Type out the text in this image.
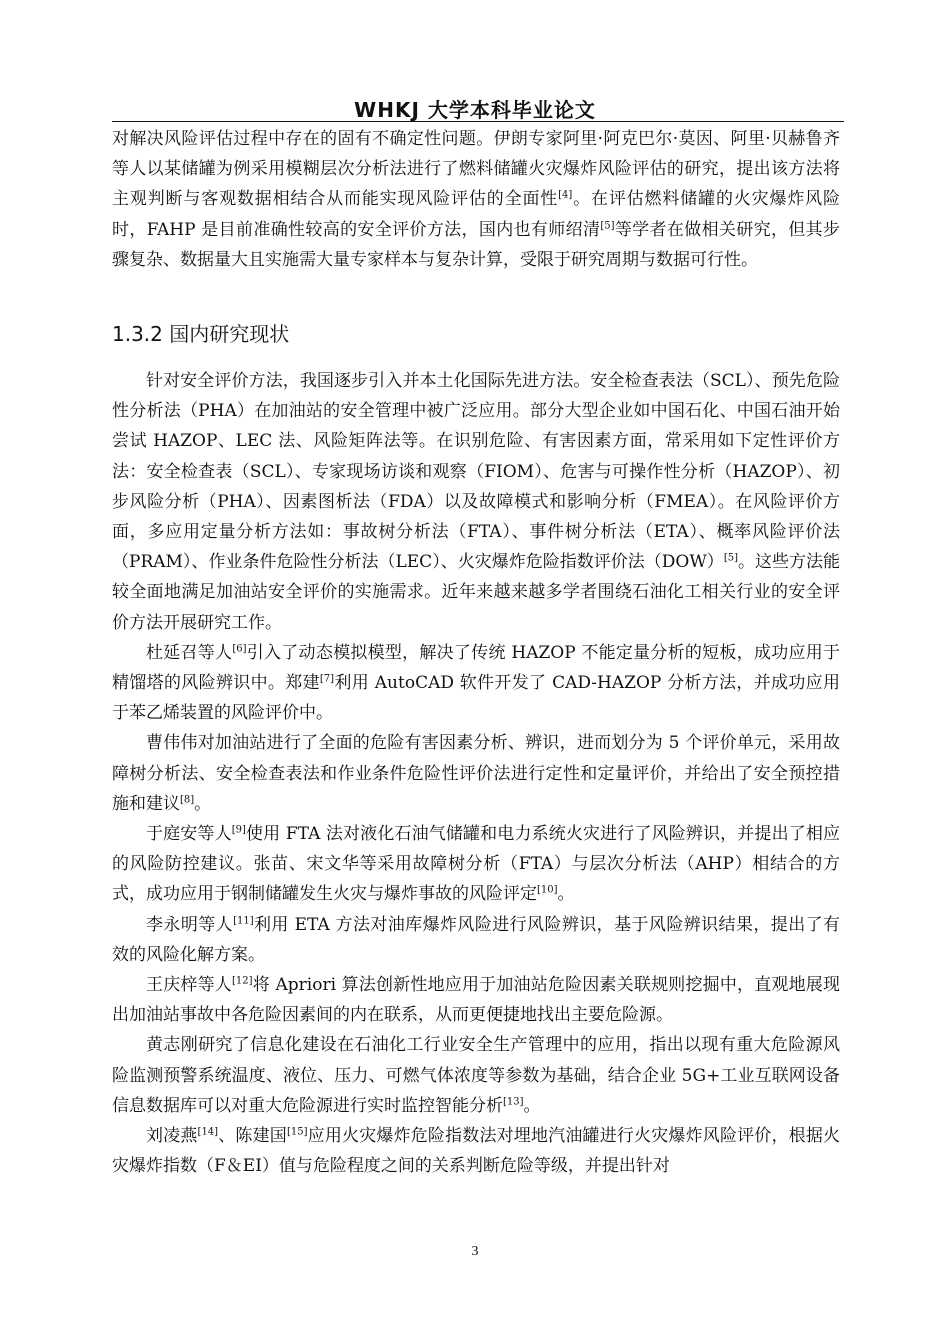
WHKJ 大学本科毕业论文

对解决风险评估过程中存在的固有不确定性问题。伊朗专家阿里·阿克巴尔·莫因、阿里·贝赫鲁齐等人以某储罐为例采用模糊层次分析法进行了燃料储罐火灾爆炸风险评估的研究，提出该方法将主观判断与客观数据相结合从而能实现风险评估的全面性[4]。在评估燃料储罐的火灾爆炸风险时，FAHP 是目前准确性较高的安全评价方法，国内也有师绍清[5]等学者在做相关研究，但其步骤复杂、数据量大且实施需大量专家样本与复杂计算，受限于研究周期与数据可行性。

1.3.2 国内研究现状

针对安全评价方法，我国逐步引入并本土化国际先进方法。安全检查表法（SCL）、预先危险性分析法（PHA）在加油站的安全管理中被广泛应用。部分大型企业如中国石化、中国石油开始尝试 HAZOP、LEC 法、风险矩阵法等。在识别危险、有害因素方面，常采用如下定性评价方法：安全检查表（SCL）、专家现场访谈和观察（FIOM）、危害与可操作性分析（HAZOP）、初步风险分析（PHA）、因素图析法（FDA）以及故障模式和影响分析（FMEA）。在风险评价方面，多应用定量分析方法如：事故树分析法（FTA）、事件树分析法（ETA）、概率风险评价法（PRAM）、作业条件危险性分析法（LEC）、火灾爆炸危险指数评价法（DOW）[5]。这些方法能较全面地满足加油站安全评价的实施需求。近年来越来越多学者围绕石油化工相关行业的安全评价方法开展研究工作。

杜延召等人[6]引入了动态模拟模型，解决了传统 HAZOP 不能定量分析的短板，成功应用于精馏塔的风险辨识中。郑建[7]利用 AutoCAD 软件开发了 CAD-HAZOP 分析方法，并成功应用于苯乙烯装置的风险评价中。

曹伟伟对加油站进行了全面的危险有害因素分析、辨识，进而划分为 5 个评价单元，采用故障树分析法、安全检查表法和作业条件危险性评价法进行定性和定量评价，并给出了安全预控措施和建议[8]。

于庭安等人[9]使用 FTA 法对液化石油气储罐和电力系统火灾进行了风险辨识，并提出了相应的风险防控建议。张苗、宋文华等采用故障树分析（FTA）与层次分析法（AHP）相结合的方式，成功应用于钢制储罐发生火灾与爆炸事故的风险评定[10]。

李永明等人[11]利用 ETA 方法对油库爆炸风险进行风险辨识，基于风险辨识结果，提出了有效的风险化解方案。

王庆梓等人[12]将 Apriori 算法创新性地应用于加油站危险因素关联规则挖掘中，直观地展现出加油站事故中各危险因素间的内在联系，从而更便捷地找出主要危险源。

黄志刚研究了信息化建设在石油化工行业安全生产管理中的应用，指出以现有重大危险源风险监测预警系统温度、液位、压力、可燃气体浓度等参数为基础，结合企业 5G+工业互联网设备信息数据库可以对重大危险源进行实时监控智能分析[13]。

刘凌燕[14]、陈建国[15]应用火灾爆炸危险指数法对埋地汽油罐进行火灾爆炸风险评价，根据火灾爆炸指数（F＆EI）值与危险程度之间的关系判断危险等级，并提出针对

3
